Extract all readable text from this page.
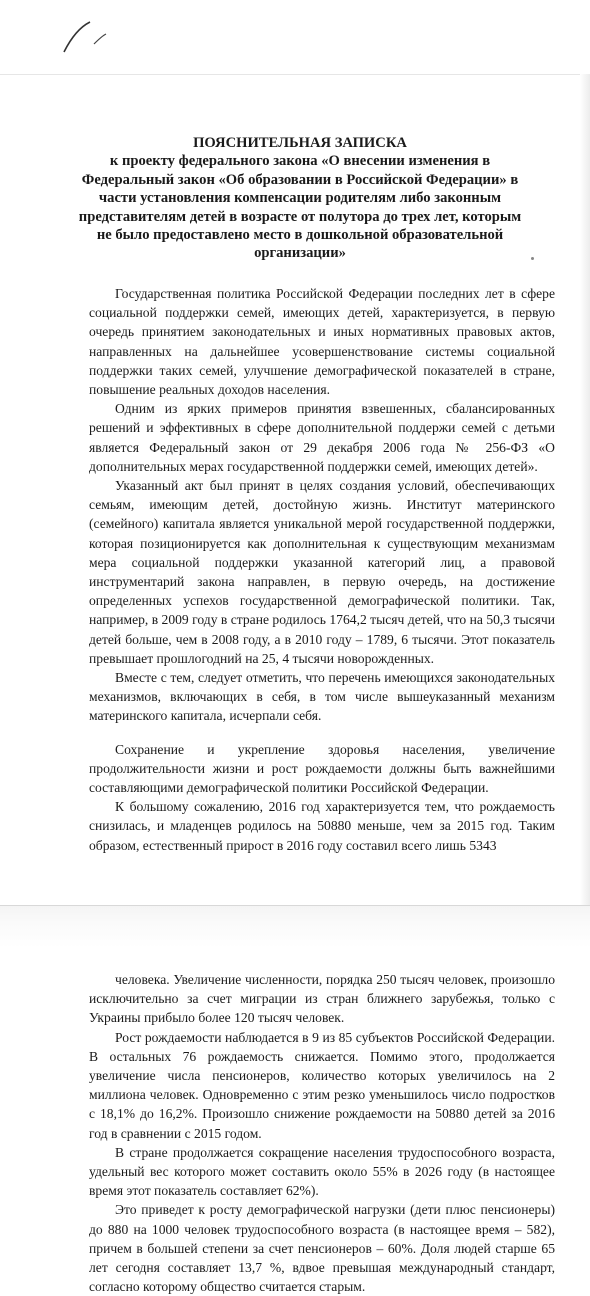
ПОЯСНИТЕЛЬНАЯ ЗАПИСКА
к проекту федерального закона «О внесении изменения в Федеральный закон «Об образовании в Российской Федерации» в части установления компенсации родителям либо законным представителям детей в возрасте от полутора до трех лет, которым не было предоставлено место в дошкольной образовательной организации»

Государственная политика Российской Федерации последних лет в сфере социальной поддержки семей, имеющих детей, характеризуется, в первую очередь принятием законодательных и иных нормативных правовых актов, направленных на дальнейшее усовершенствование системы социальной поддержки таких семей, улучшение демографической показателей в стране, повышение реальных доходов населения.

Одним из ярких примеров принятия взвешенных, сбалансированных решений и эффективных в сфере дополнительной поддержи семей с детьми является Федеральный закон от 29 декабря 2006 года № 256-ФЗ «О дополнительных мерах государственной поддержки семей, имеющих детей».

Указанный акт был принят в целях создания условий, обеспечивающих семьям, имеющим детей, достойную жизнь. Институт материнского (семейного) капитала является уникальной мерой государственной поддержки, которая позиционируется как дополнительная к существующим механизмам мера социальной поддержки указанной категорий лиц, а правовой инструментарий закона направлен, в первую очередь, на достижение определенных успехов государственной демографической политики. Так, например, в 2009 году в стране родилось 1764,2 тысяч детей, что на 50,3 тысячи детей больше, чем в 2008 году, а в 2010 году – 1789, 6 тысячи. Этот показатель превышает прошлогодний на 25, 4 тысячи новорожденных.

Вместе с тем, следует отметить, что перечень имеющихся законодательных механизмов, включающих в себя, в том числе вышеуказанный механизм материнского капитала, исчерпали себя.

Сохранение и укрепление здоровья населения, увеличение продолжительности жизни и рост рождаемости должны быть важнейшими составляющими демографической политики Российской Федерации.

К большому сожалению, 2016 год характеризуется тем, что рождаемость снизилась, и младенцев родилось на 50880 меньше, чем за 2015 год. Таким образом, естественный прирост в 2016 году составил всего лишь 5343

человека. Увеличение численности, порядка 250 тысяч человек, произошло исключительно за счет миграции из стран ближнего зарубежья, только с Украины прибыло более 120 тысяч человек.

Рост рождаемости наблюдается в 9 из 85 субъектов Российской Федерации. В остальных 76 рождаемость снижается. Помимо этого, продолжается увеличение числа пенсионеров, количество которых увеличилось на 2 миллиона человек. Одновременно с этим резко уменьшилось число подростков с 18,1% до 16,2%. Произошло снижение рождаемости на 50880 детей за 2016 год в сравнении с 2015 годом.

В стране продолжается сокращение населения трудоспособного возраста, удельный вес которого может составить около 55% в 2026 году (в настоящее время этот показатель составляет 62%).

Это приведет к росту демографической нагрузки (дети плюс пенсионеры) до 880 на 1000 человек трудоспособного возраста (в настоящее время – 582), причем в большей степени за счет пенсионеров – 60%. Доля людей старше 65 лет сегодня составляет 13,7 %, вдвое превышая международный стандарт, согласно которому общество считается старым.
